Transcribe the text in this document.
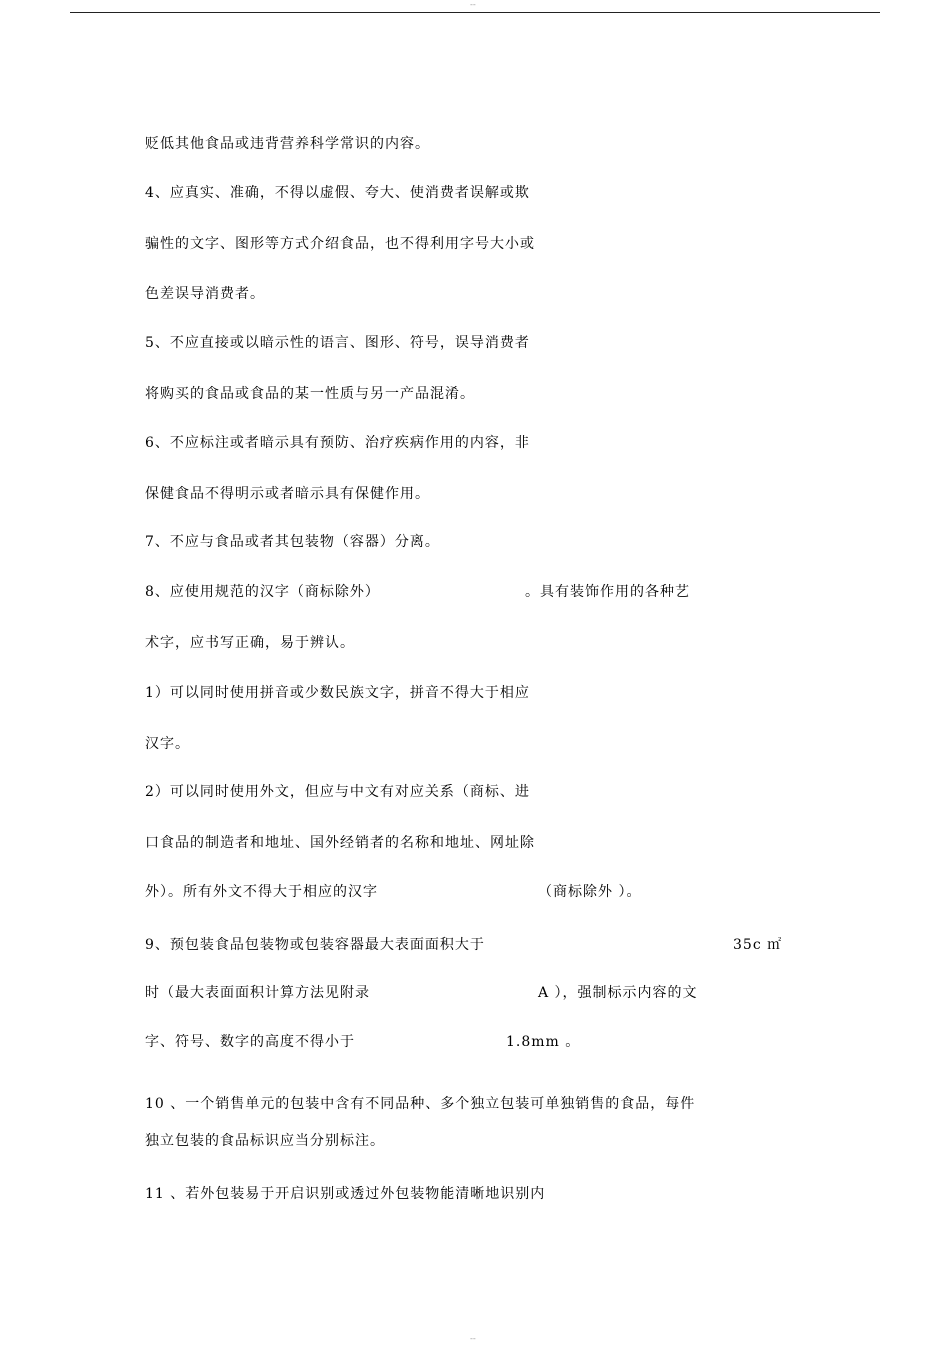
--
贬低其他食品或违背营养科学常识的内容。
4、应真实、准确，不得以虚假、夸大、使消费者误解或欺
骗性的文字、图形等方式介绍食品，也不得利用字号大小或
色差误导消费者。
5、不应直接或以暗示性的语言、图形、符号，误导消费者
将购买的食品或食品的某一性质与另一产品混淆。
6、不应标注或者暗示具有预防、治疗疾病作用的内容，非
保健食品不得明示或者暗示具有保健作用。
7、不应与食品或者其包装物（容器）分离。
8、应使用规范的汉字（商标除外）	。具有装饰作用的各种艺
术字，应书写正确，易于辨认。
1）可以同时使用拼音或少数民族文字，拼音不得大于相应
汉字。
2）可以同时使用外文，但应与中文有对应关系（商标、进
口食品的制造者和地址、国外经销者的名称和地址、网址除
外）。所有外文不得大于相应的汉字	（商标除外 ）。
9、预包装食品包装物或包装容器最大表面面积大于	35c ㎡
时（最大表面面积计算方法见附录	A ），强制标示内容的文
字、符号、数字的高度不得小于	1.8mm 。
10 、一个销售单元的包装中含有不同品种、多个独立包装可单独销售的食品，每件
独立包装的食品标识应当分别标注。
11 、若外包装易于开启识别或透过外包装物能清晰地识别内
--
